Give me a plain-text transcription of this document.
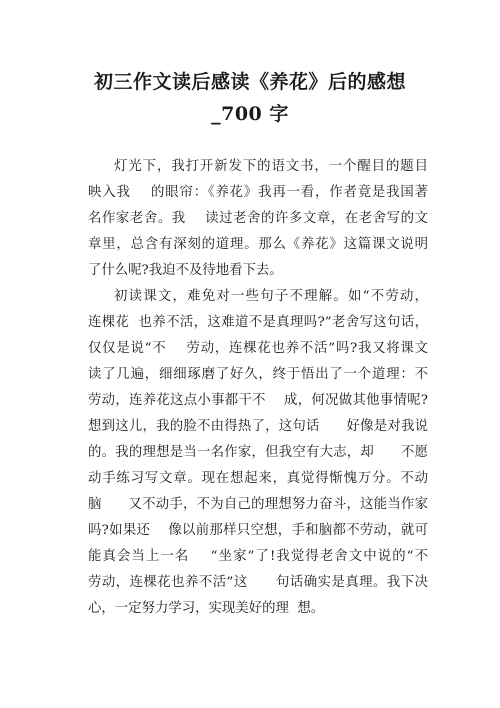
初三作文读后感读《养花》后的感想
_700 字
灯光下，我打开新发下的语文书，一个醒目的题目
映入我    的眼帘：《养花》我再一看，作者竟是我国著
名作家老舍。我    读过老舍的许多文章，在老舍写的文
章里，总含有深刻的道理。那么《养花》这篇课文说明
了什么呢?我迫不及待地看下去。
初读课文，难免对一些句子不理解。如“不劳动，
连棵花  也养不活，这难道不是真理吗?”老舍写这句话，
仅仅是说“不    劳动，连棵花也养不活”吗?我又将课文
读了几遍，细细琢磨了好久，终于悟出了一个道理：不
劳动，连养花这点小事都干不    成，何况做其他事情呢?
想到这儿，我的脸不由得热了，这句话      好像是对我说
的。我的理想是当一名作家，但我空有大志，却      不愿
动手练习写文章。现在想起来，真觉得惭愧万分。不动
脑      又不动手，不为自己的理想努力奋斗，这能当作家
吗?如果还    像以前那样只空想，手和脑都不劳动，就可
能真会当上一名    “坐家”了!我觉得老舍文中说的“不
劳动，连棵花也养不活”这      句话确实是真理。我下决
心，一定努力学习，实现美好的理  想。
